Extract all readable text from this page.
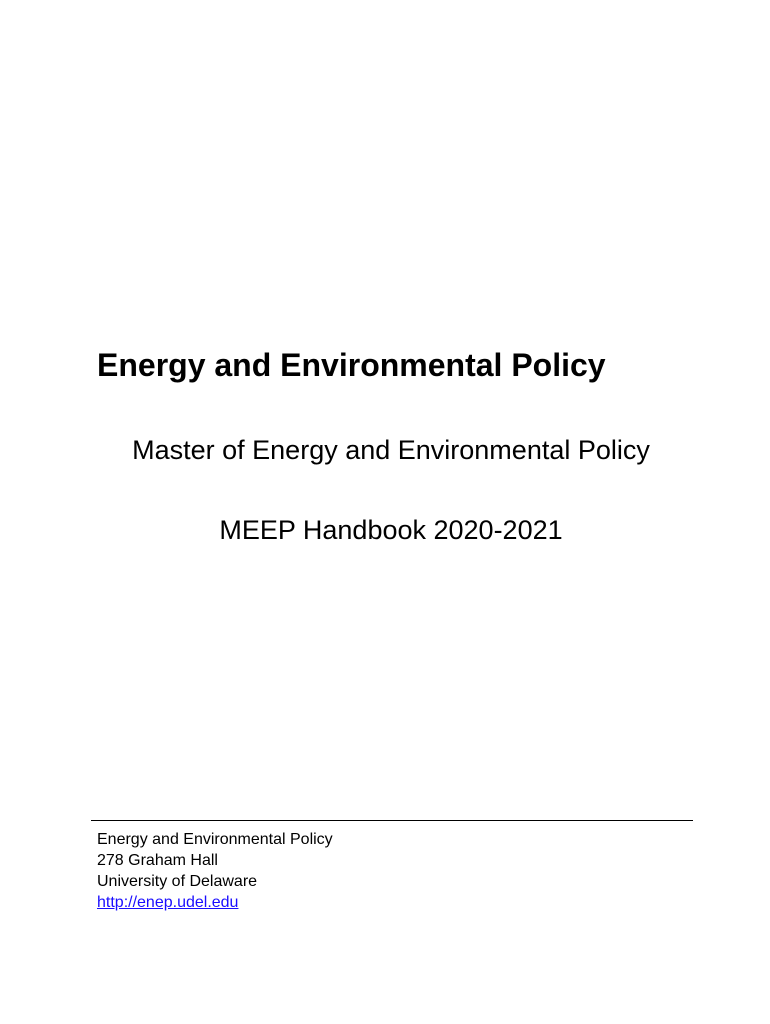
Energy and Environmental Policy

Master of Energy and Environmental Policy

MEEP Handbook 2020-2021

Energy and Environmental Policy
278 Graham Hall
University of Delaware
http://enep.udel.edu
